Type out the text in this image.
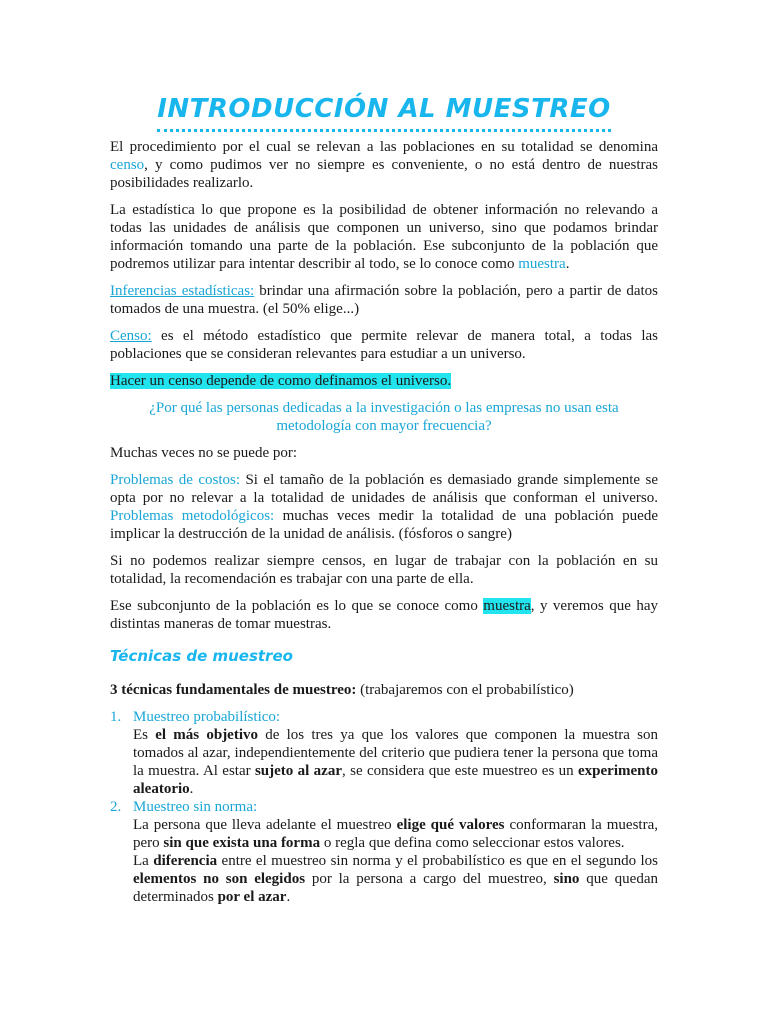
INTRODUCCIÓN AL MUESTREO

El procedimiento por el cual se relevan a las poblaciones en su totalidad se denomina censo, y como pudimos ver no siempre es conveniente, o no está dentro de nuestras posibilidades realizarlo.

La estadística lo que propone es la posibilidad de obtener información no relevando a todas las unidades de análisis que componen un universo, sino que podamos brindar información tomando una parte de la población. Ese subconjunto de la población que podremos utilizar para intentar describir al todo, se lo conoce como muestra.

Inferencias estadísticas: brindar una afirmación sobre la población, pero a partir de datos tomados de una muestra. (el 50% elige...)

Censo: es el método estadístico que permite relevar de manera total, a todas las poblaciones que se consideran relevantes para estudiar a un universo.

Hacer un censo depende de como definamos el universo.

¿Por qué las personas dedicadas a la investigación o las empresas no usan esta metodología con mayor frecuencia?

Muchas veces no se puede por:

Problemas de costos: Si el tamaño de la población es demasiado grande simplemente se opta por no relevar a la totalidad de unidades de análisis que conforman el universo. Problemas metodológicos: muchas veces medir la totalidad de una población puede implicar la destrucción de la unidad de análisis. (fósforos o sangre)

Si no podemos realizar siempre censos, en lugar de trabajar con la población en su totalidad, la recomendación es trabajar con una parte de ella.

Ese subconjunto de la población es lo que se conoce como muestra, y veremos que hay distintas maneras de tomar muestras.

Técnicas de muestreo

3 técnicas fundamentales de muestreo: (trabajaremos con el probabilístico)

1. Muestreo probabilístico:
Es el más objetivo de los tres ya que los valores que componen la muestra son tomados al azar, independientemente del criterio que pudiera tener la persona que toma la muestra. Al estar sujeto al azar, se considera que este muestreo es un experimento aleatorio.
2. Muestreo sin norma:
La persona que lleva adelante el muestreo elige qué valores conformaran la muestra, pero sin que exista una forma o regla que defina como seleccionar estos valores.
La diferencia entre el muestreo sin norma y el probabilístico es que en el segundo los elementos no son elegidos por la persona a cargo del muestreo, sino que quedan determinados por el azar.
